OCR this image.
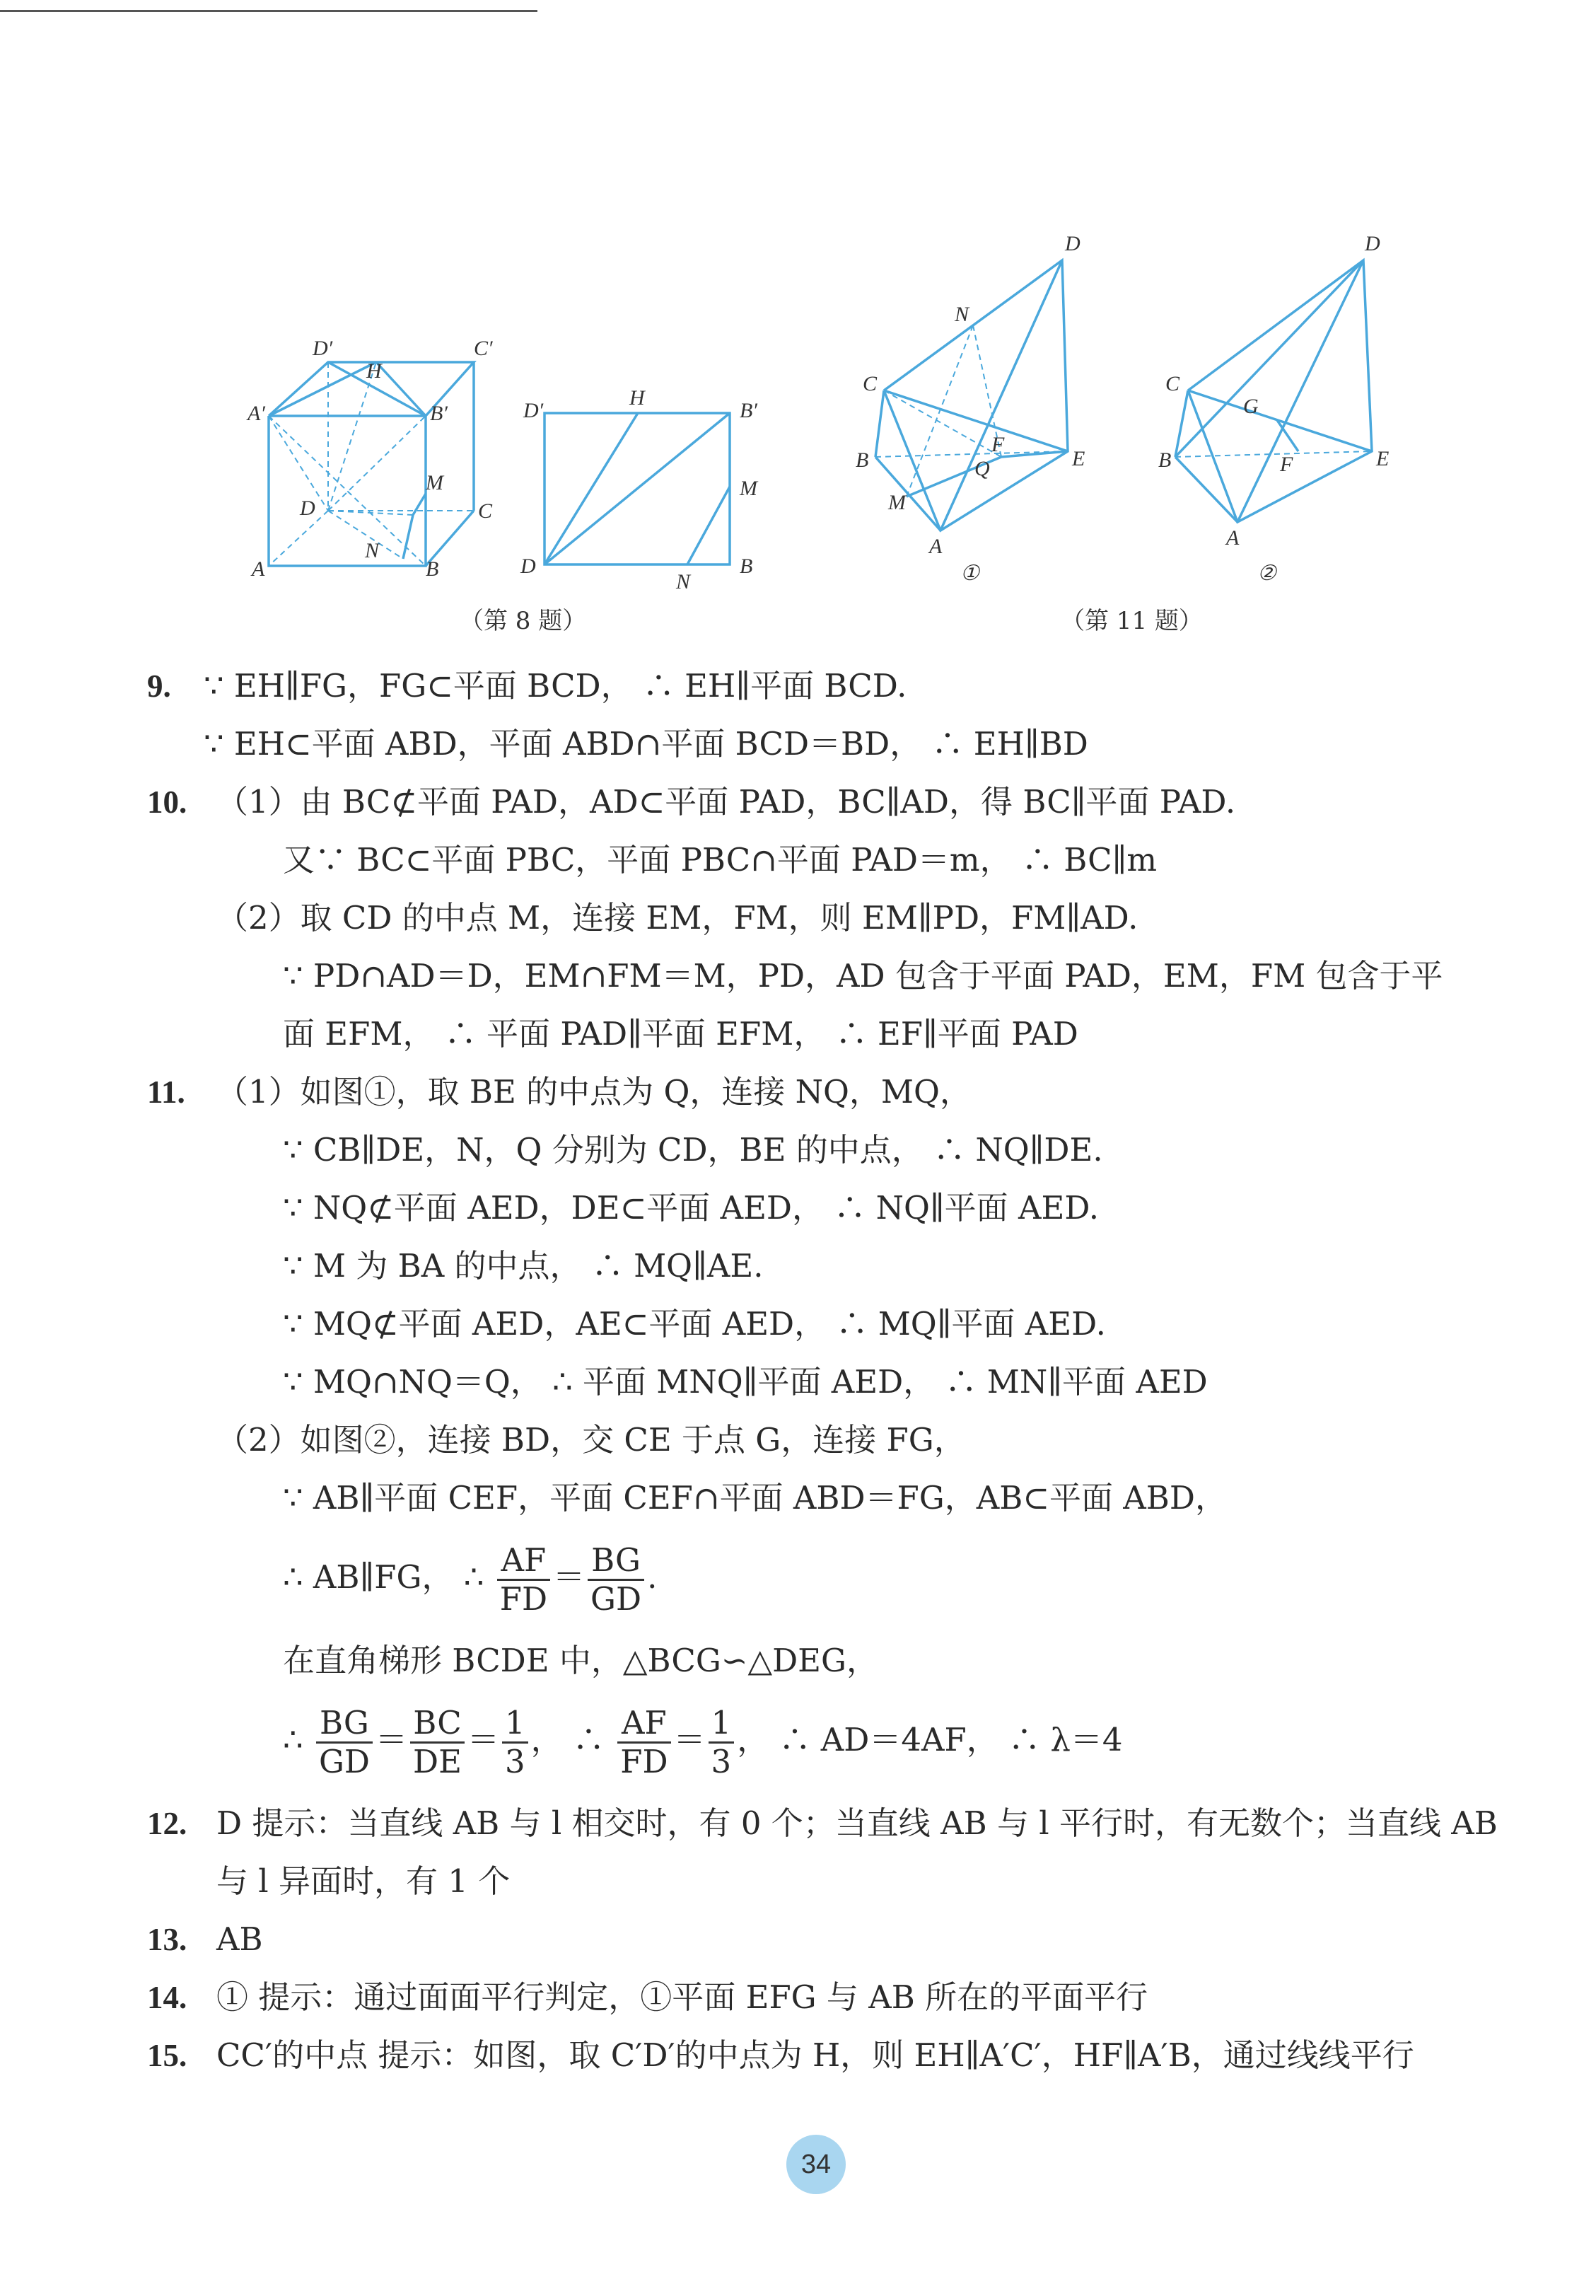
D′	C′
H
A′	B′
M
D	C
N
A	B
D′
H
B′
M
D
N
B
（第 8 题）
D
N
C
B
F
Q	E
M
A
①
D
C
G
B	F	E
A
②
（第 11 题）
9. ∵ EH∥FG，FG⊂平面 BCD， ∴ EH∥平面 BCD.
∵ EH⊂平面 ABD，平面 ABD∩平面 BCD＝BD， ∴ EH∥BD
10. （1）由 BC⊄平面 PAD，AD⊂平面 PAD，BC∥AD，得 BC∥平面 PAD.
又∵ BC⊂平面 PBC，平面 PBC∩平面 PAD＝m， ∴ BC∥m
（2）取 CD 的中点 M，连接 EM，FM，则 EM∥PD，FM∥AD.
∵ PD∩AD＝D，EM∩FM＝M，PD，AD 包含于平面 PAD，EM，FM 包含于平
面 EFM， ∴ 平面 PAD∥平面 EFM， ∴ EF∥平面 PAD
11. （1）如图①，取 BE 的中点为 Q，连接 NQ，MQ，
∵ CB∥DE，N，Q 分别为 CD，BE 的中点， ∴ NQ∥DE.
∵ NQ⊄平面 AED，DE⊂平面 AED， ∴ NQ∥平面 AED.
∵ M 为 BA 的中点， ∴ MQ∥AE.
∵ MQ⊄平面 AED，AE⊂平面 AED， ∴ MQ∥平面 AED.
∵ MQ∩NQ＝Q， ∴ 平面 MNQ∥平面 AED， ∴ MN∥平面 AED
（2）如图②，连接 BD，交 CE 于点 G，连接 FG，
∵ AB∥平面 CEF，平面 CEF∩平面 ABD＝FG，AB⊂平面 ABD，
∴ AB∥FG， ∴ $\frac{AF}{FD} = \frac{BG}{GD}$ .
在直角梯形 BCDE 中，△BCG∽△DEG，
∴ $\frac{BG}{GD} = \frac{BC}{DE} = \frac{1}{3}$ ， ∴ $\frac{AF}{FD} = \frac{1}{3}$ ， ∴ AD＝4AF， ∴ λ＝4
12. D 提示：当直线 AB 与 l 相交时，有 0 个；当直线 AB 与 l 平行时，有无数个；当直线 AB
与 l 异面时，有 1 个
13. AB
14. ① 提示：通过面面平行判定，①平面 EFG 与 AB 所在的平面平行
15. CC′的中点 提示：如图，取 C′D′的中点为 H，则 EH∥A′C′，HF∥A′B，通过线线平行
34
